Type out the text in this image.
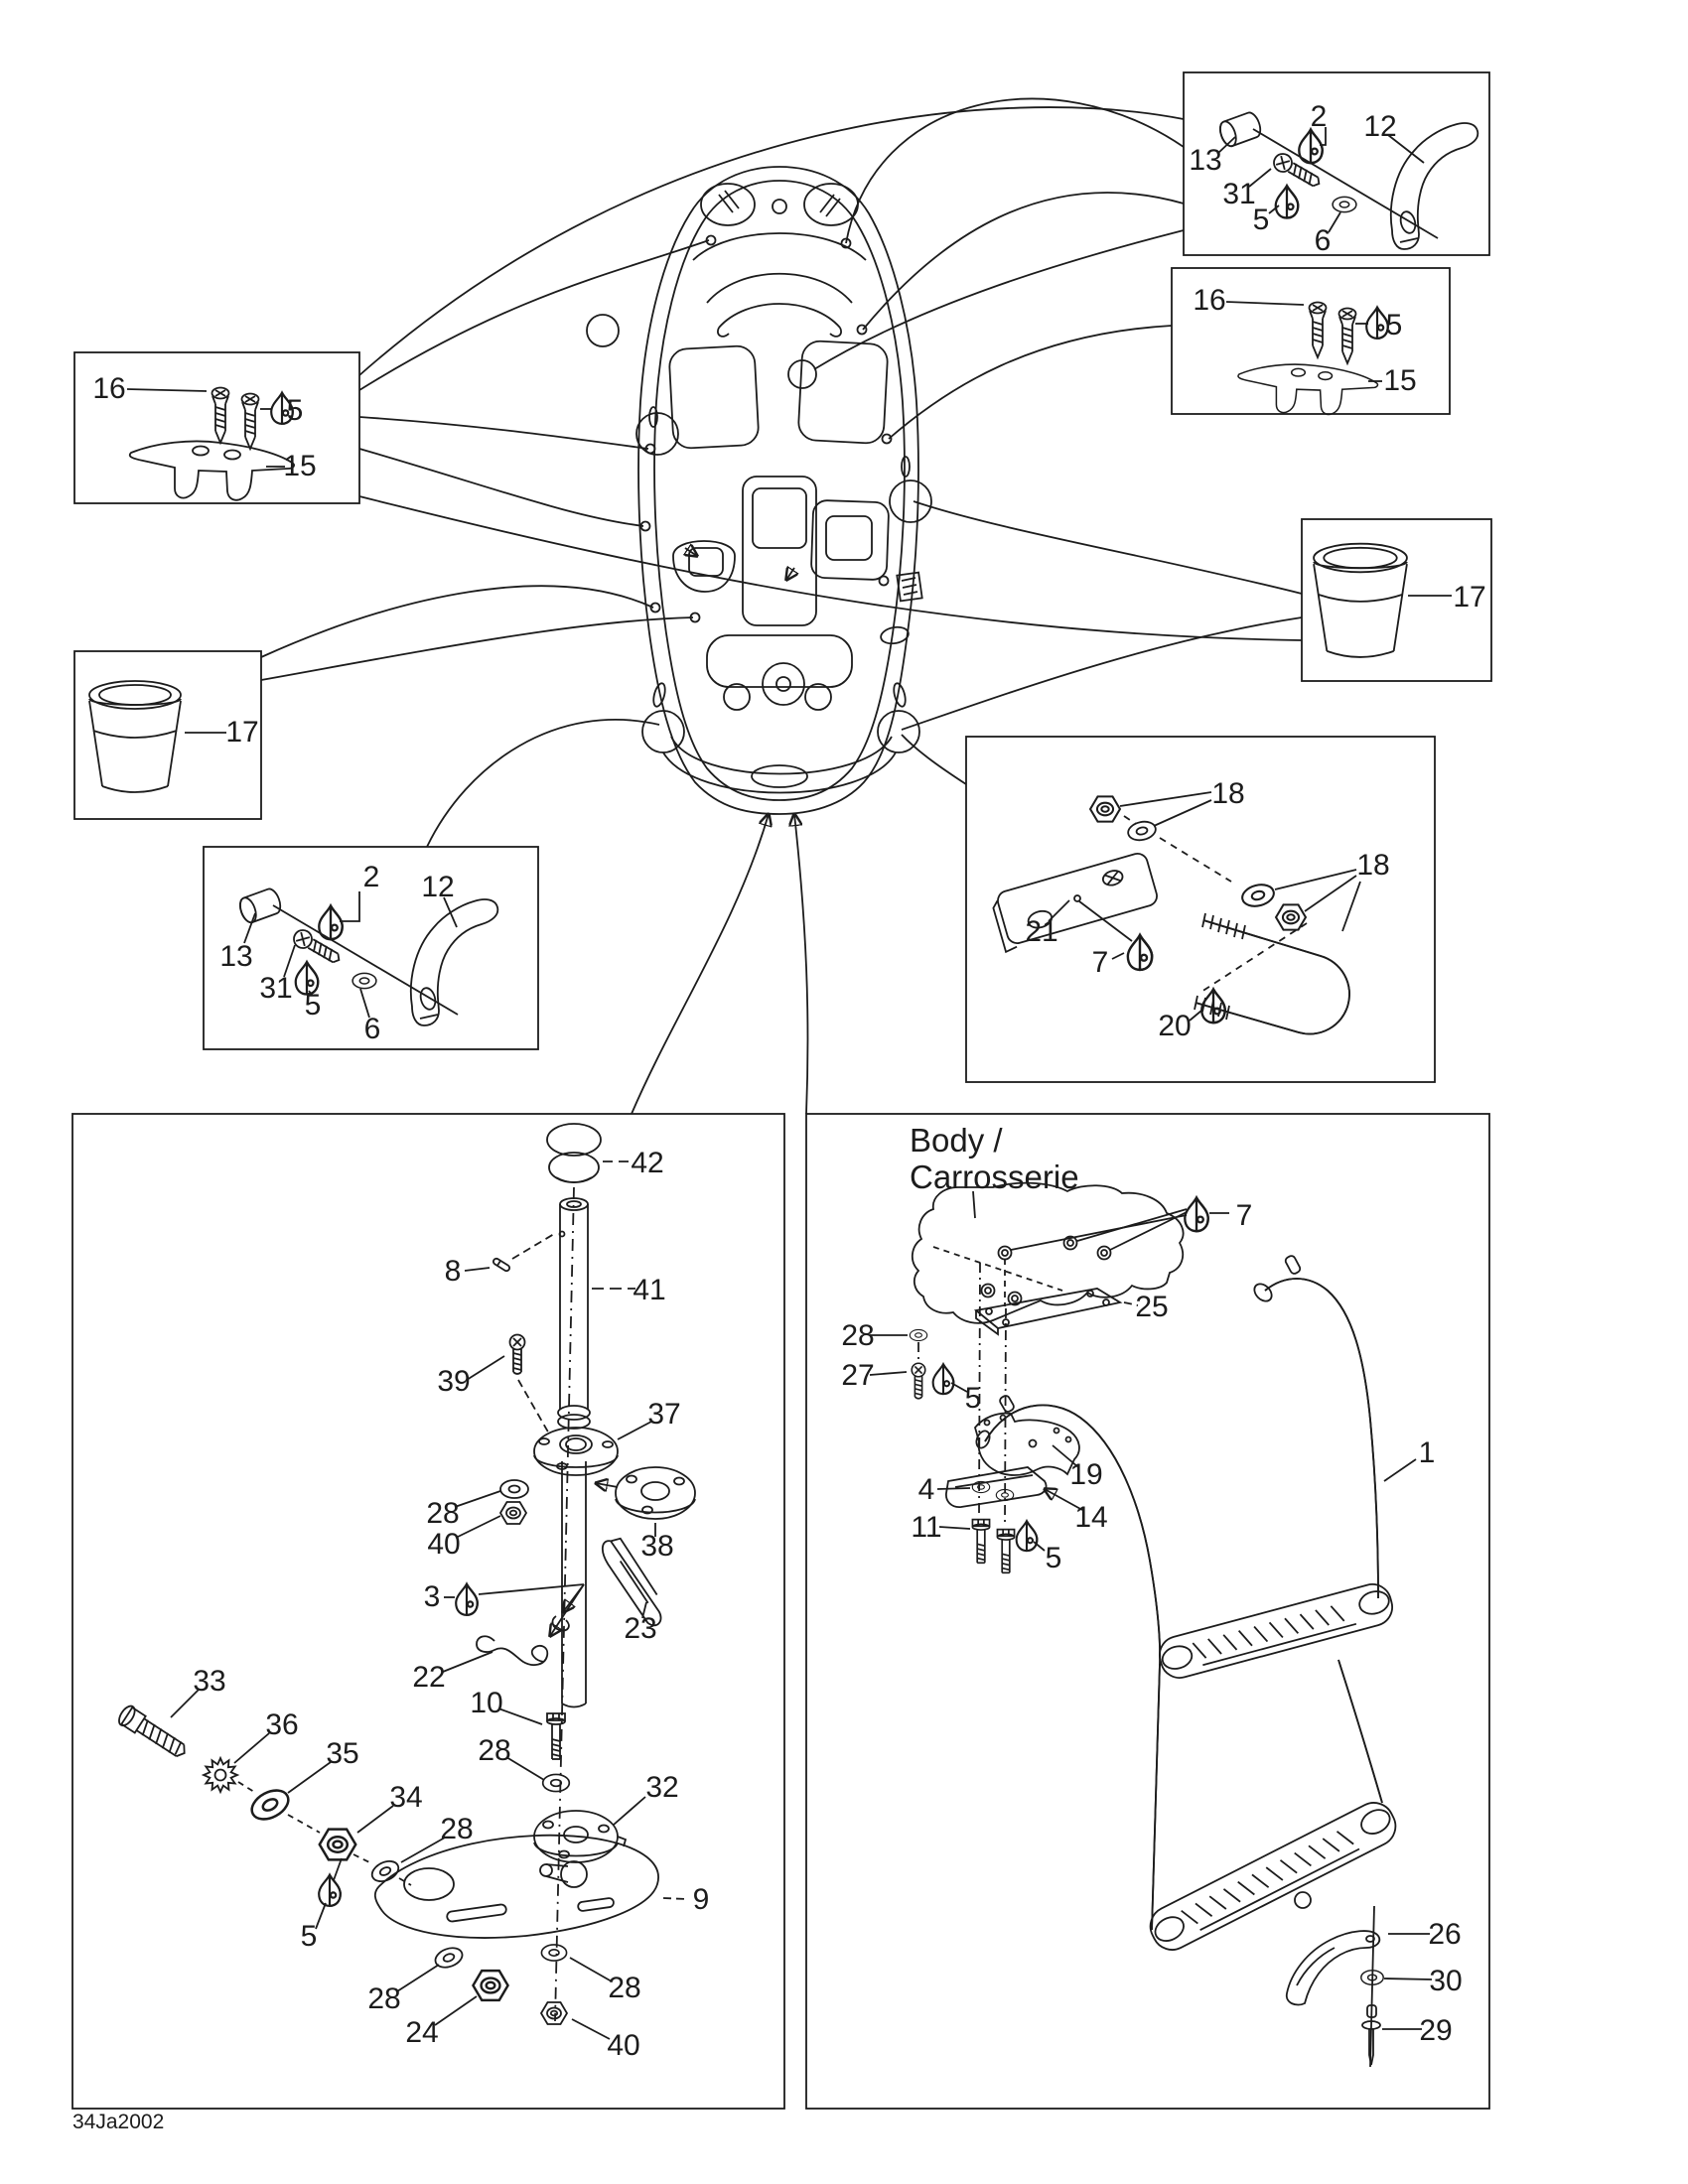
Body /
Carrosserie
34Ja2002
2 12
13
31
5
6
16
5
15
16
5
15
17
17
2 12
13
31
5
6
18
18
21
7
20
42
8
41
39
37
28
40	38
3
23
22
10
28
33
36
35
34
28
5
32
9
28
24
28
40
7
25
28
27
5
19
4
14
11
5
1
26
30
29
